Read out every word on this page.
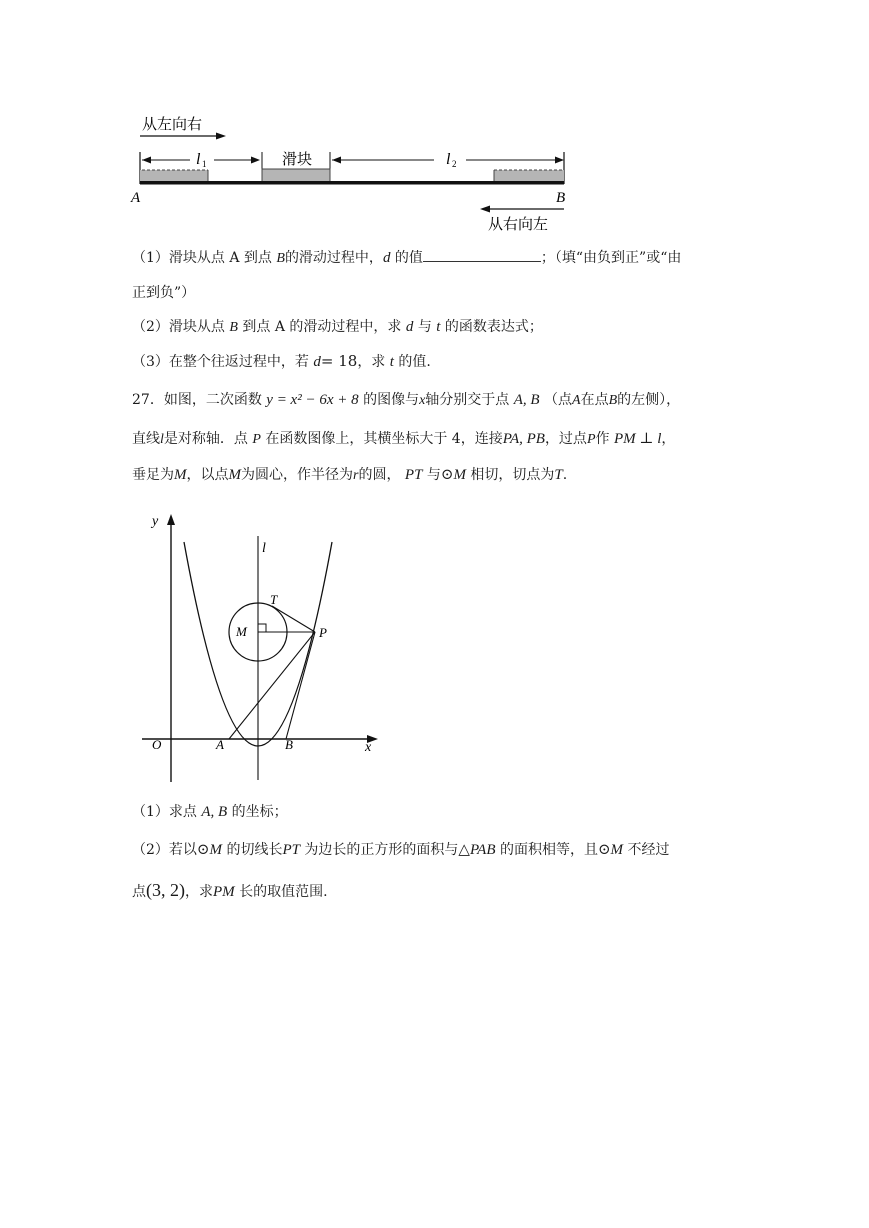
从左向右
l 1	滑块	l 2
A	B
从右向左
（1）滑块从点 A 到点 B的滑动过程中，d 的值	；（填“由负到正”或“由
正到负”）
（2）滑块从点 B 到点 A 的滑动过程中，求 d 与 t 的函数表达式；
（3）在整个往返过程中，若 d= 18，求 t 的值.
27．如图，二次函数 y = x² − 6x + 8 的图像与x轴分别交于点 A, B （点A在点B的左侧），
直线l是对称轴．点 P 在函数图像上，其横坐标大于 4，连接PA, PB，过点P作 PM ⊥ l，
垂足为M，以点M为圆心，作半径为r的圆， PT 与⊙M 相切，切点为T.
y
x
O
l
T
M	P
A	B
（1）求点 A, B 的坐标；
（2）若以⊙M 的切线长PT 为边长的正方形的面积与△PAB 的面积相等，且⊙M 不经过
点(3, 2)，求PM 长的取值范围.
